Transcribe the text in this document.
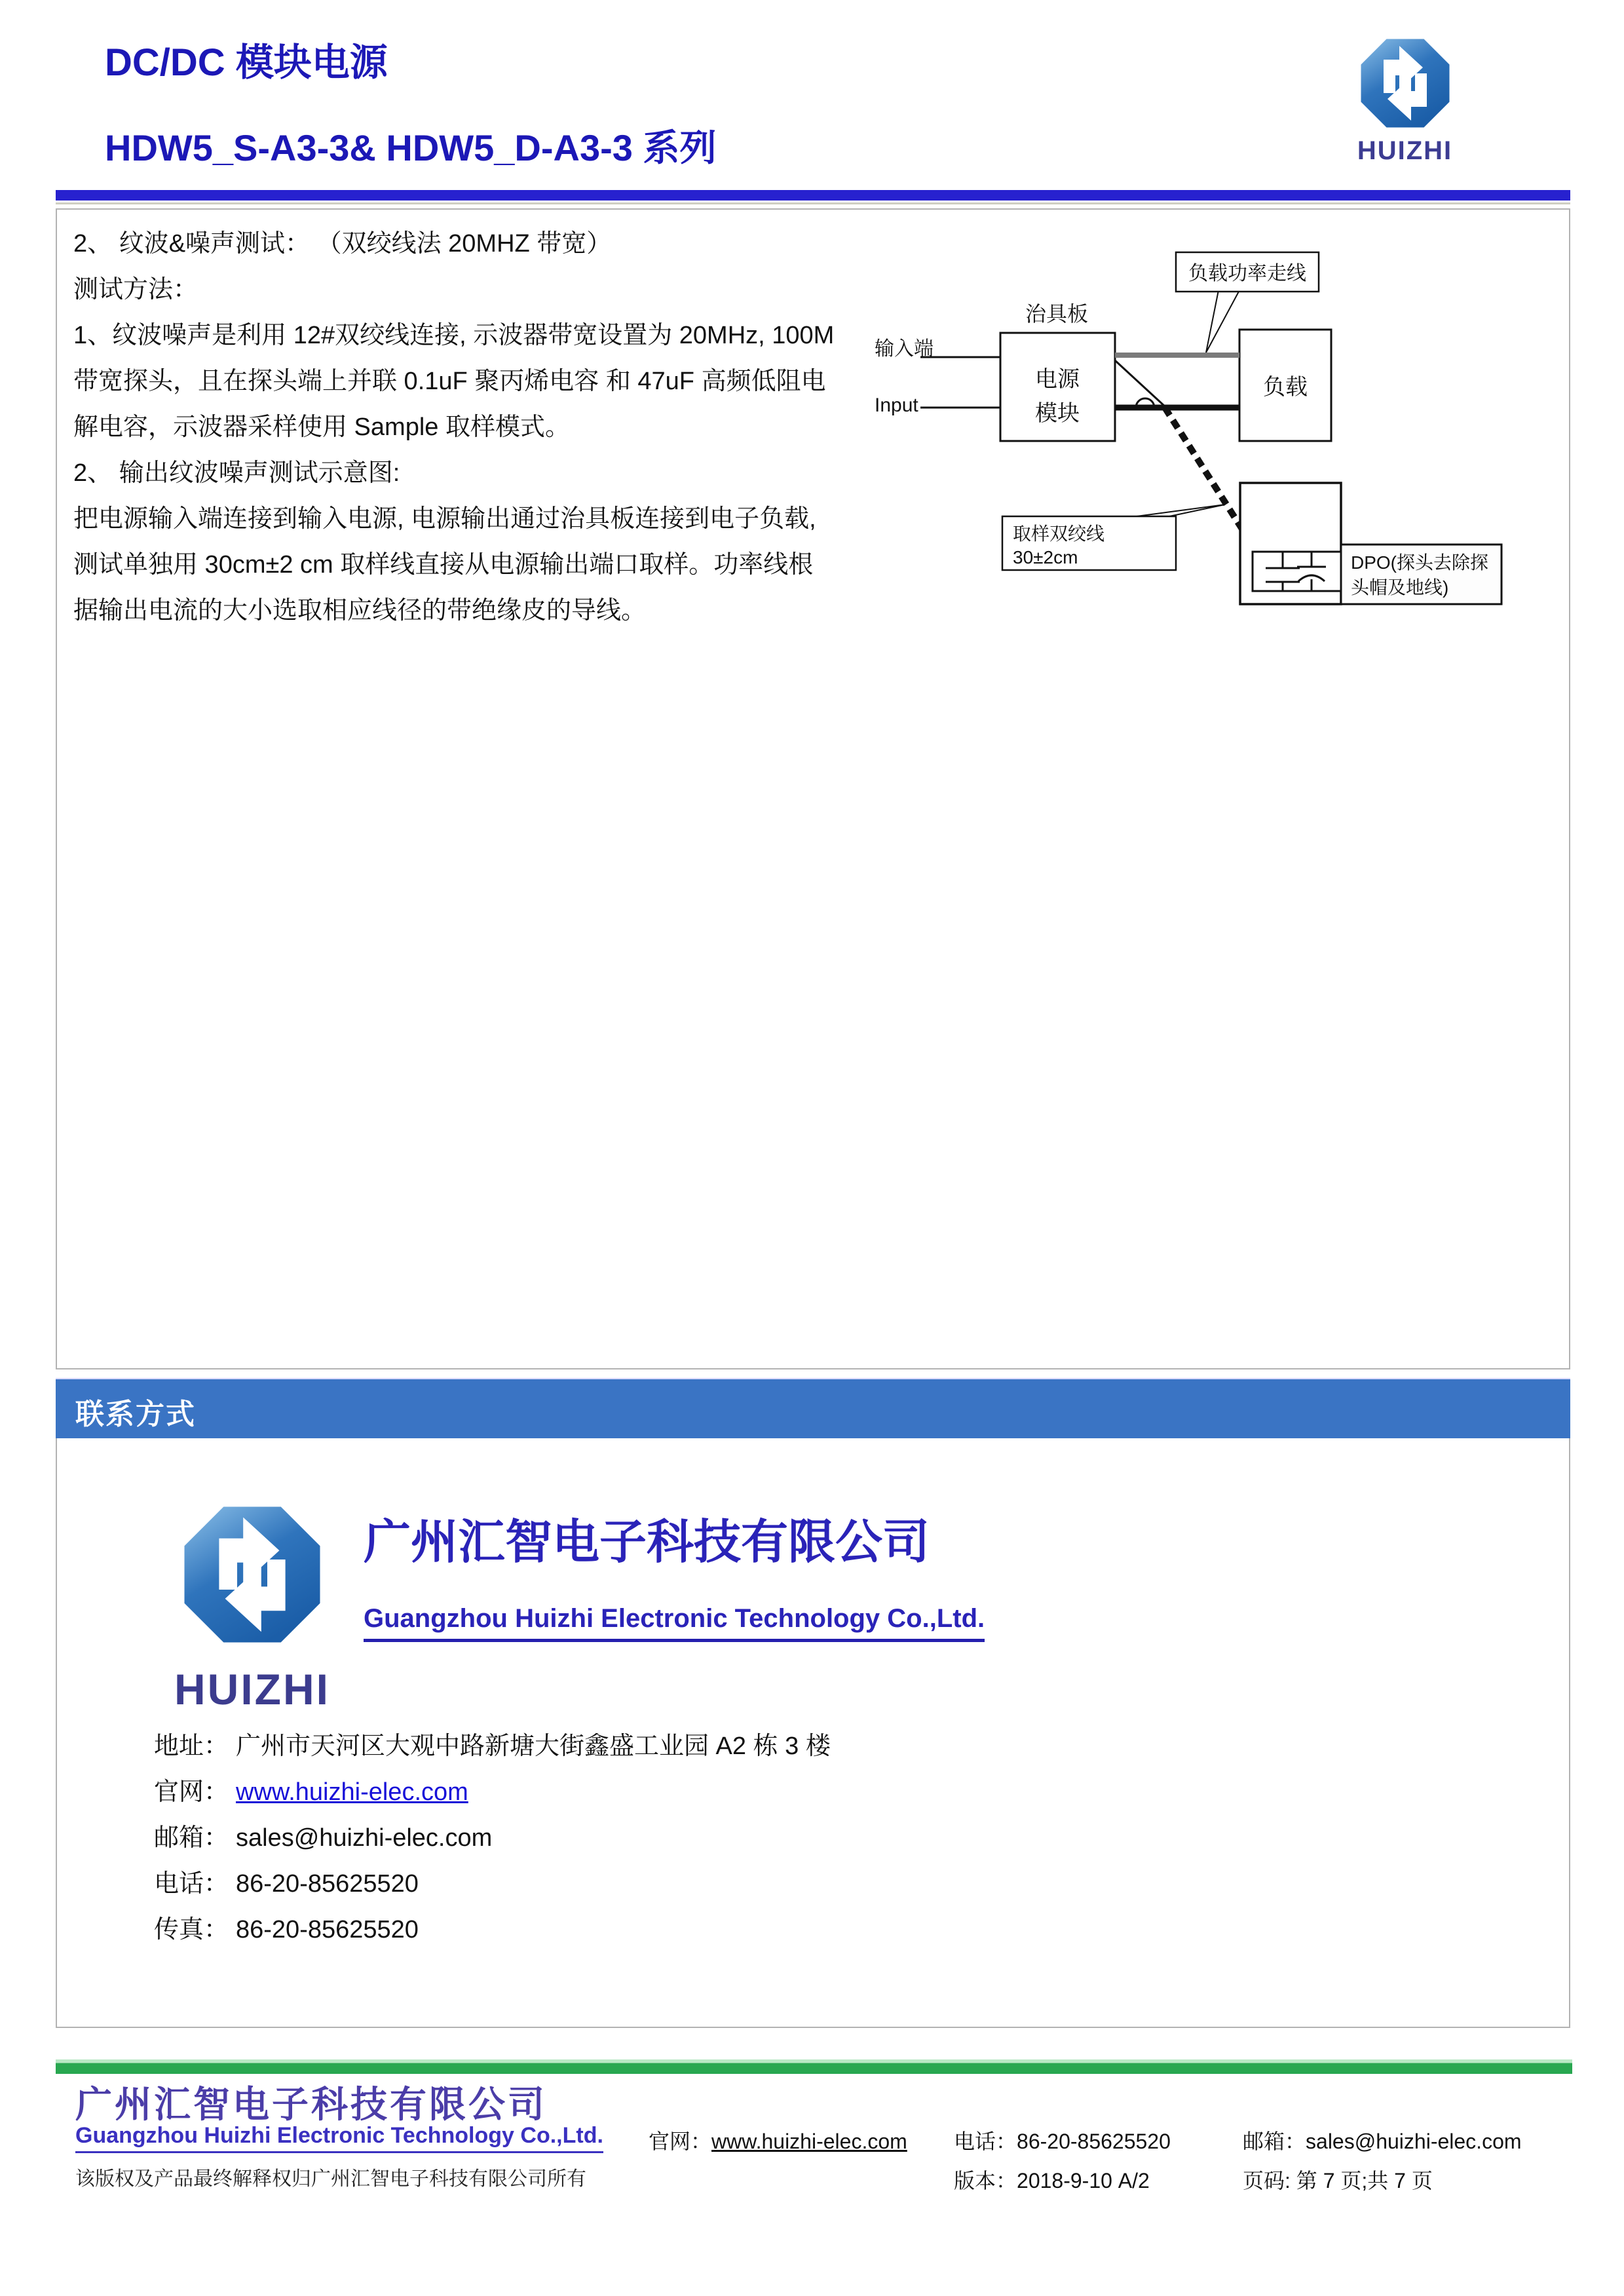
DC/DC 模块电源
HDW5_S-A3-3& HDW5_D-A3-3 系列	HUIZHI
2、 纹波&噪声测试： （双绞线法 20MHZ 带宽）
测试方法：
1、纹波噪声是利用 12#双绞线连接, 示波器带宽设置为 20MHz, 100M
带宽探头，且在探头端上并联 0.1uF 聚丙烯电容 和 47uF 高频低阻电
解电容，示波器采样使用 Sample 取样模式。
2、 输出纹波噪声测试示意图:
把电源输入端连接到输入电源, 电源输出通过治具板连接到电子负载,
测试单独用 30cm±2 cm 取样线直接从电源输出端口取样。功率线根
据输出电流的大小选取相应线径的带绝缘皮的导线。
负载功率走线
治具板
电源
模块
负载
输入端
Input
取样双绞线
30±2cm	DPO(探头去除探
头帽及地线)
联系方式
HUIZHI
广州汇智电子科技有限公司
Guangzhou Huizhi Electronic Technology Co.,Ltd.
地址： 广州市天河区大观中路新塘大街鑫盛工业园 A2 栋 3 楼
官网： www.huizhi-elec.com
邮箱： sales@huizhi-elec.com
电话： 86-20-85625520
传真： 86-20-85625520
广州汇智电子科技有限公司
Guangzhou Huizhi Electronic Technology Co.,Ltd.
该版权及产品最终解释权归广州汇智电子科技有限公司所有
官网：www.huizhi-elec.com 电话：86-20-85625520	邮箱：sales@huizhi-elec.com
版本：2018-9-10 A/2	页码: 第 7 页;共 7 页
